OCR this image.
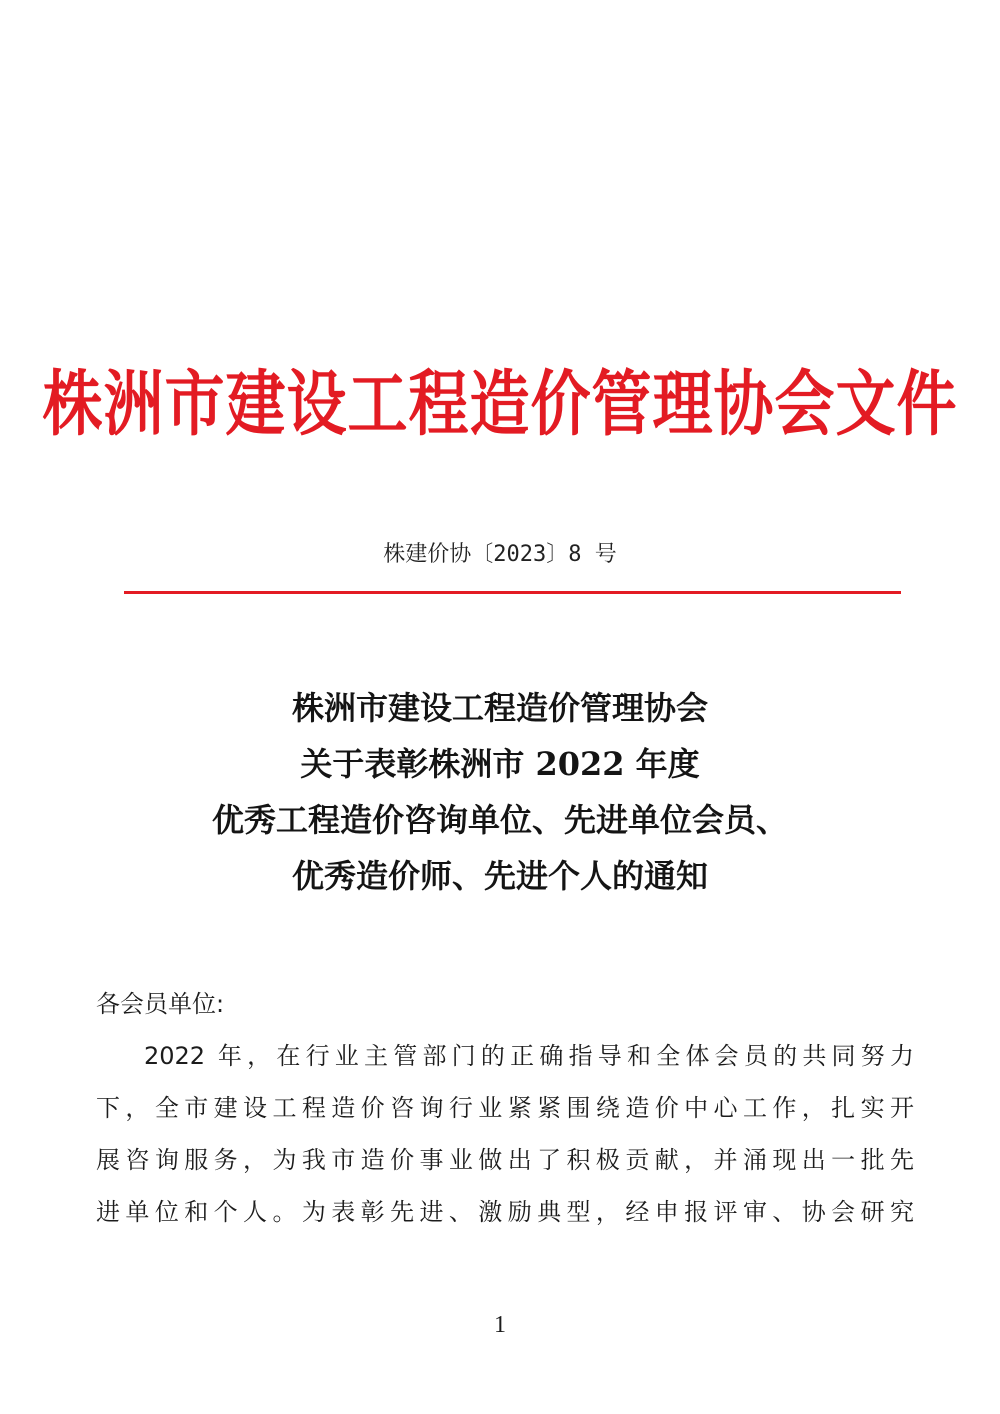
株洲市建设工程造价管理协会文件
株建价协〔2023〕8 号
株洲市建设工程造价管理协会
关于表彰株洲市 2022 年度
优秀工程造价咨询单位、先进单位会员、
优秀造价师、先进个人的通知
各会员单位:
2022 年，在行业主管部门的正确指导和全体会员的共同努力
下，全市建设工程造价咨询行业紧紧围绕造价中心工作，扎实开
展咨询服务，为我市造价事业做出了积极贡献，并涌现出一批先
进单位和个人。为表彰先进、激励典型，经申报评审、协会研究
1
